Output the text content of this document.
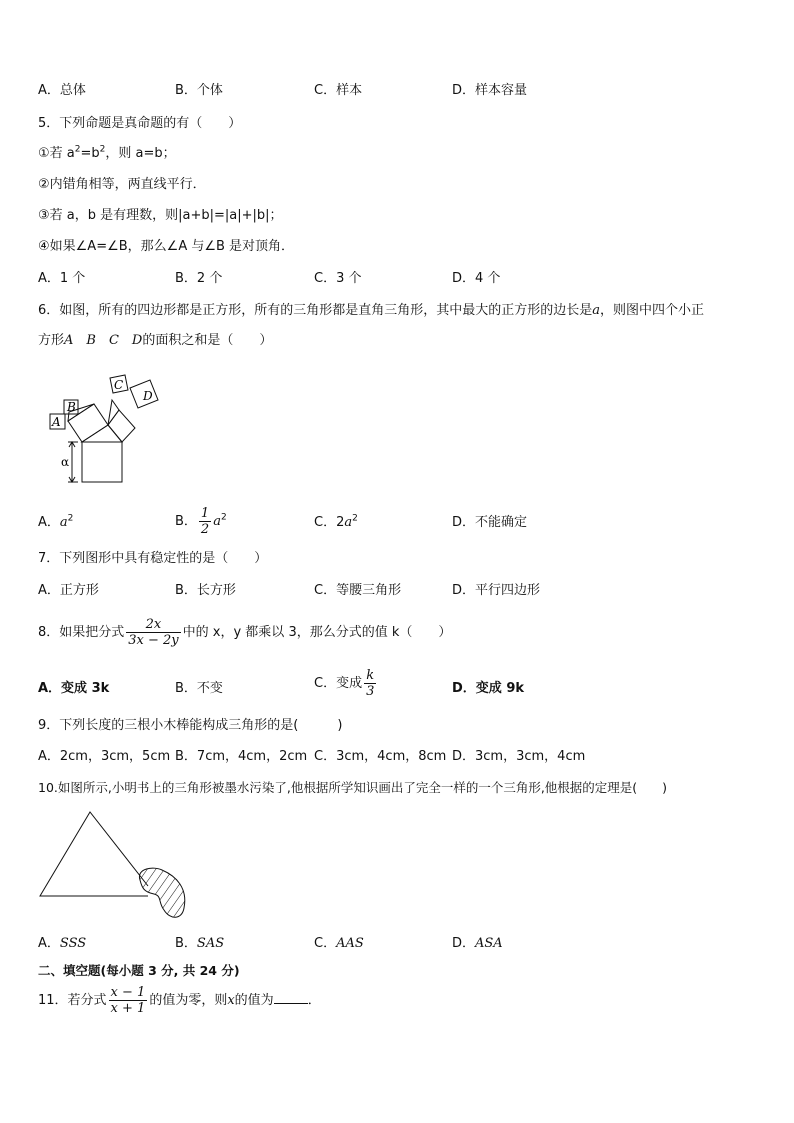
A．总体	B．个体	C．样本	D．样本容量
5．下列命题是真命题的有（　　）
①若 $a^2=b^2$，则 a=b；
②内错角相等，两直线平行．
③若 a，b 是有理数，则|a+b|=|a|+|b|；
④如果∠A=∠B，那么∠A 与∠B 是对顶角．
A．1 个	B．2 个	C．3 个	D．4 个
6．如图，所有的四边形都是正方形，所有的三角形都是直角三角形，其中最大的正方形的边长是a，则图中四个小正
方形A　B　C　D的面积之和是（　　）
A
B
C
D
α
A．$a^2$	B． $\frac{1}{2} a^2$	C．$2a^2$	D．不能确定
7．下列图形中具有稳定性的是（　　）
A．正方形	B．长方形	C．等腰三角形	D．平行四边形
8．如果把分式 $\frac{2x}{3x - 2y}$ 中的 x，y 都乘以 3，那么分式的值 k（　　）
A．变成 3k	B．不变	C．变成 $\frac{k}{3}$	D．变成 9k
9．下列长度的三根小木棒能构成三角形的是(　　　)
A．2cm，3cm，5cm B．7cm，4cm，2cm C．3cm，4cm，8cm D．3cm，3cm，4cm
10.如图所示,小明书上的三角形被墨水污染了,他根据所学知识画出了完全一样的一个三角形,他根据的定理是(　　)
A．SSS	B．SAS	C．AAS	D．ASA
二、填空题(每小题 3 分, 共 24 分)
11．若分式 $\frac{x - 1}{x + 1}$ 的值为零，则x的值为	．
